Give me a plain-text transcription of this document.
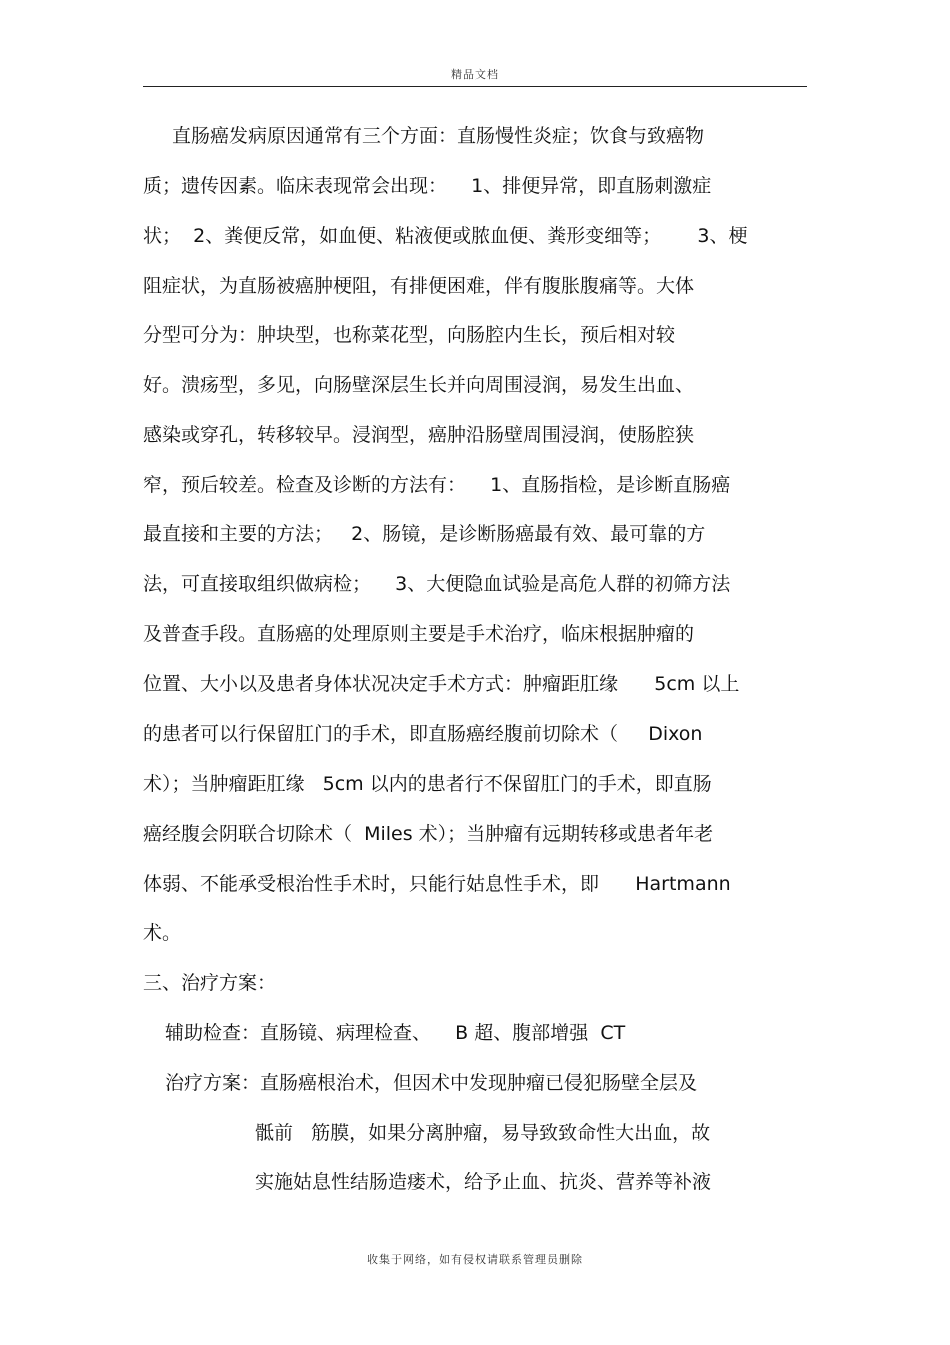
精品文档
直肠癌发病原因通常有三个方面：直肠慢性炎症；饮食与致癌物
质；遗传因素。临床表现常会出现：    1、排便异常，即直肠刺激症
状；  2、粪便反常，如血便、粘液便或脓血便、粪形变细等；      3、梗
阻症状，为直肠被癌肿梗阻，有排便困难，伴有腹胀腹痛等。大体
分型可分为：肿块型，也称菜花型，向肠腔内生长，预后相对较
好。溃疡型，多见，向肠壁深层生长并向周围浸润，易发生出血、
感染或穿孔，转移较早。浸润型，癌肿沿肠壁周围浸润，使肠腔狭
窄，预后较差。检查及诊断的方法有：    1、直肠指检，是诊断直肠癌
最直接和主要的方法；   2、肠镜，是诊断肠癌最有效、最可靠的方
法，可直接取组织做病检；    3、大便隐血试验是高危人群的初筛方法
及普查手段。直肠癌的处理原则主要是手术治疗，临床根据肿瘤的
位置、大小以及患者身体状况决定手术方式：肿瘤距肛缘      5cm 以上
的患者可以行保留肛门的手术，即直肠癌经腹前切除术（     Dixon
术）；当肿瘤距肛缘   5cm 以内的患者行不保留肛门的手术，即直肠
癌经腹会阴联合切除术（  Miles 术）；当肿瘤有远期转移或患者年老
体弱、不能承受根治性手术时，只能行姑息性手术，即      Hartmann
术。
三、治疗方案：
辅助检查：直肠镜、病理检查、    B 超、腹部增强  CT
治疗方案：直肠癌根治术，但因术中发现肿瘤已侵犯肠壁全层及
骶前   筋膜，如果分离肿瘤，易导致致命性大出血，故
实施姑息性结肠造瘘术，给予止血、抗炎、营养等补液
收集于网络，如有侵权请联系管理员删除
